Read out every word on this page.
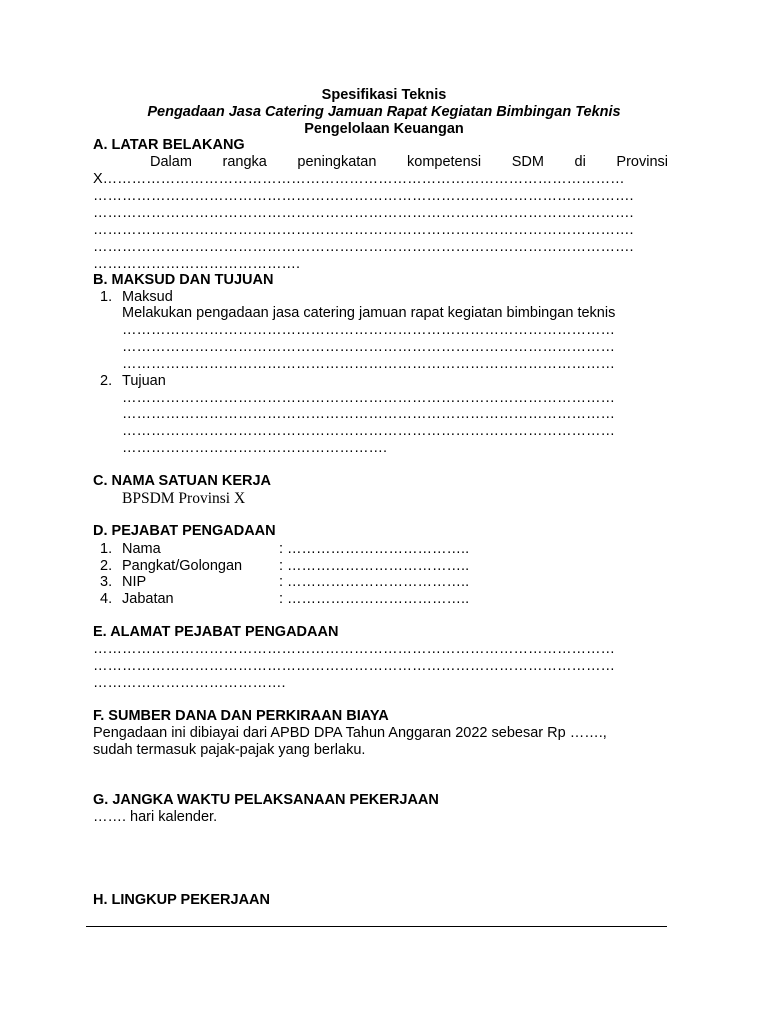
Spesifikasi Teknis
Pengadaan Jasa Catering Jamuan Rapat Kegiatan Bimbingan Teknis
Pengelolaan Keuangan
A. LATAR BELAKANG
Dalam rangka peningkatan kompetensi SDM di Provinsi
X………………………………………………………………………………………………
………………………………………………………………………………………………….
………………………………………………………………………………………………….
………………………………………………………………………………………………….
………………………………………………………………………………………………….
…………………………………….
B. MAKSUD DAN TUJUAN
1. Maksud
Melakukan pengadaan jasa catering jamuan rapat kegiatan bimbingan teknis
…………………………………………………………………………………………
…………………………………………………………………………………………
…………………………………………………………………………………………
2. Tujuan
…………………………………………………………………………………………
…………………………………………………………………………………………
…………………………………………………………………………………………
……………………………………………….
C. NAMA SATUAN KERJA
BPSDM Provinsi X
D. PEJABAT PENGADAAN
1. Nama	: ………………………………..
2. Pangkat/Golongan	: ………………………………..
3. NIP	: ………………………………..
4. Jabatan	: ………………………………..
E. ALAMAT PEJABAT PENGADAAN
………………………………………………………………………………………………
………………………………………………………………………………………………
………………………………….
F. SUMBER DANA DAN PERKIRAAN BIAYA
Pengadaan ini dibiayai dari APBD DPA Tahun Anggaran 2022 sebesar Rp …….,
sudah termasuk pajak-pajak yang berlaku.
G. JANGKA WAKTU PELAKSANAAN PEKERJAAN
……. hari kalender.
H. LINGKUP PEKERJAAN
